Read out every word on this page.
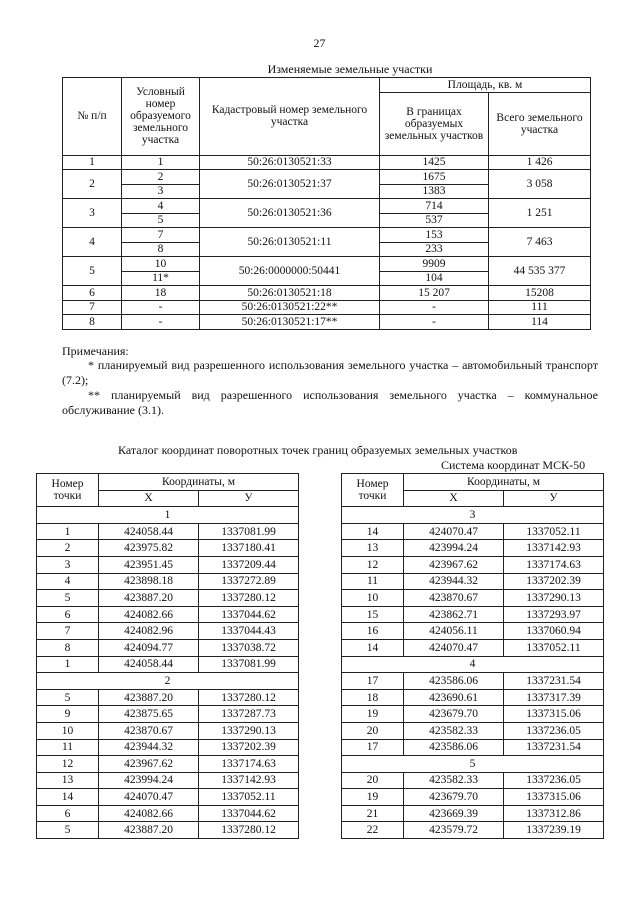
27
Изменяемые земельные участки
№ п/п	Условный номер образуемого земельного участка	Кадастровый номер земельного участка	Площадь, кв. м	
			В границах образуемых земельных участков	Всего земельного участка
1	1	50:26:0130521:33	1425	1 426
2	2	50:26:0130521:37	1675	3 058
	3		1383	
3	4	50:26:0130521:36	714	1 251
	5		537	
4	7	50:26:0130521:11	153	7 463
	8		233	
5	10	50:26:0000000:50441	9909	44 535 377
	11*		104	
6	18	50:26:0130521:18	15 207	15208
7	-	50:26:0130521:22**	-	111
8	-	50:26:0130521:17**	-	114
Примечания:

* планируемый вид разрешенного использования земельного участка – автомобильный транспорт (7.2);

** планируемый вид разрешенного использования земельного участка – коммунальное обслуживание (3.1).

Каталог координат поворотных точек границ образуемых земельных участков
Система координат МСК-50
Номер точки	Координаты, м	
	X	У
1		
1	424058.44	1337081.99
2	423975.82	1337180.41
3	423951.45	1337209.44
4	423898.18	1337272.89
5	423887.20	1337280.12
6	424082.66	1337044.62
7	424082.96	1337044.43
8	424094.77	1337038.72
1	424058.44	1337081.99
2		
5	423887.20	1337280.12
9	423875.65	1337287.73
10	423870.67	1337290.13
11	423944.32	1337202.39
12	423967.62	1337174.63
13	423994.24	1337142.93
14	424070.47	1337052.11
6	424082.66	1337044.62
5	423887.20	1337280.12
Номер точки	Координаты, м	
	X	У
3		
14	424070.47	1337052.11
13	423994.24	1337142.93
12	423967.62	1337174.63
11	423944.32	1337202.39
10	423870.67	1337290.13
15	423862.71	1337293.97
16	424056.11	1337060.94
14	424070.47	1337052.11
4		
17	423586.06	1337231.54
18	423690.61	1337317.39
19	423679.70	1337315.06
20	423582.33	1337236.05
17	423586.06	1337231.54
5		
20	423582.33	1337236.05
19	423679.70	1337315.06
21	423669.39	1337312.86
22	423579.72	1337239.19
